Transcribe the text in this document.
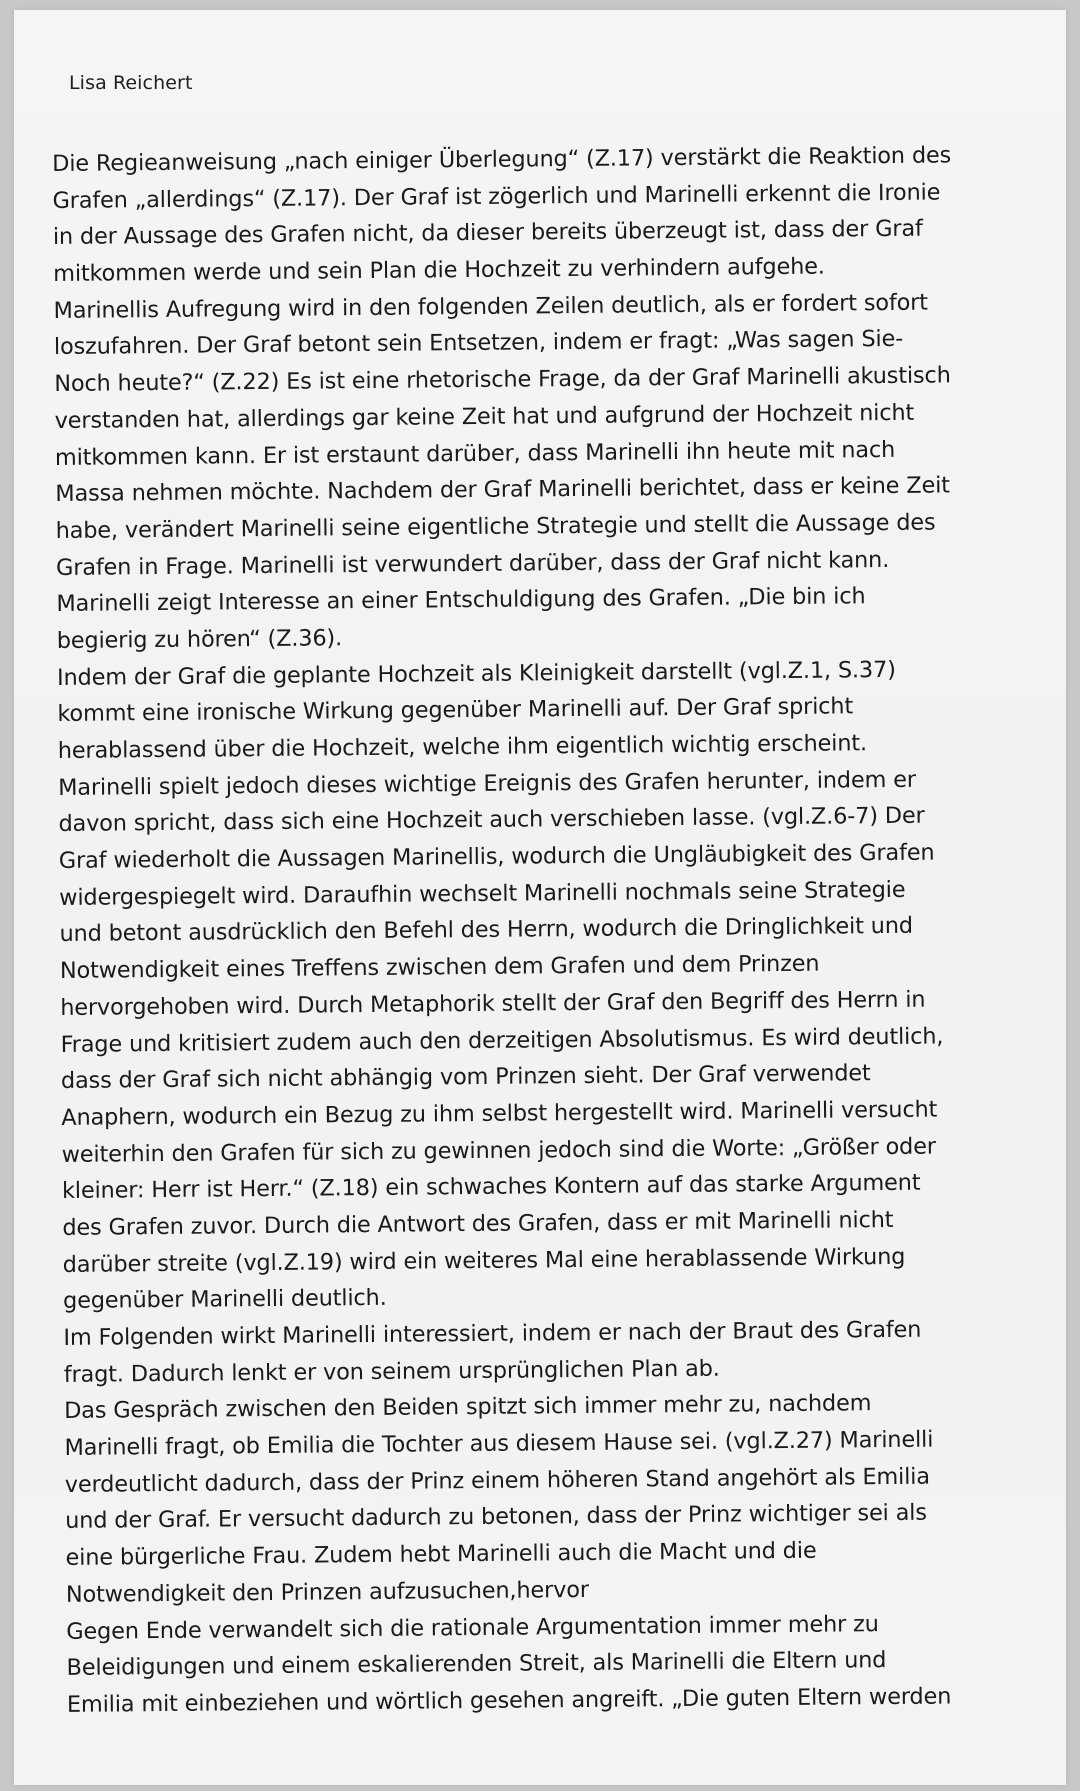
Lisa Reichert
Die Regieanweisung „nach einiger Überlegung“ (Z.17) verstärkt die Reaktion des
Grafen „allerdings“ (Z.17). Der Graf ist zögerlich und Marinelli erkennt die Ironie
in der Aussage des Grafen nicht, da dieser bereits überzeugt ist, dass der Graf
mitkommen werde und sein Plan die Hochzeit zu verhindern aufgehe.
Marinellis Aufregung wird in den folgenden Zeilen deutlich, als er fordert sofort
loszufahren. Der Graf betont sein Entsetzen, indem er fragt: „Was sagen Sie-
Noch heute?“ (Z.22) Es ist eine rhetorische Frage, da der Graf Marinelli akustisch
verstanden hat, allerdings gar keine Zeit hat und aufgrund der Hochzeit nicht
mitkommen kann. Er ist erstaunt darüber, dass Marinelli ihn heute mit nach
Massa nehmen möchte. Nachdem der Graf Marinelli berichtet, dass er keine Zeit
habe, verändert Marinelli seine eigentliche Strategie und stellt die Aussage des
Grafen in Frage. Marinelli ist verwundert darüber, dass der Graf nicht kann.
Marinelli zeigt Interesse an einer Entschuldigung des Grafen. „Die bin ich
begierig zu hören“ (Z.36).
Indem der Graf die geplante Hochzeit als Kleinigkeit darstellt (vgl.Z.1, S.37)
kommt eine ironische Wirkung gegenüber Marinelli auf. Der Graf spricht
herablassend über die Hochzeit, welche ihm eigentlich wichtig erscheint.
Marinelli spielt jedoch dieses wichtige Ereignis des Grafen herunter, indem er
davon spricht, dass sich eine Hochzeit auch verschieben lasse. (vgl.Z.6-7) Der
Graf wiederholt die Aussagen Marinellis, wodurch die Ungläubigkeit des Grafen
widergespiegelt wird. Daraufhin wechselt Marinelli nochmals seine Strategie
und betont ausdrücklich den Befehl des Herrn, wodurch die Dringlichkeit und
Notwendigkeit eines Treffens zwischen dem Grafen und dem Prinzen
hervorgehoben wird. Durch Metaphorik stellt der Graf den Begriff des Herrn in
Frage und kritisiert zudem auch den derzeitigen Absolutismus. Es wird deutlich,
dass der Graf sich nicht abhängig vom Prinzen sieht. Der Graf verwendet
Anaphern, wodurch ein Bezug zu ihm selbst hergestellt wird. Marinelli versucht
weiterhin den Grafen für sich zu gewinnen jedoch sind die Worte: „Größer oder
kleiner: Herr ist Herr.“ (Z.18) ein schwaches Kontern auf das starke Argument
des Grafen zuvor. Durch die Antwort des Grafen, dass er mit Marinelli nicht
darüber streite (vgl.Z.19) wird ein weiteres Mal eine herablassende Wirkung
gegenüber Marinelli deutlich.
Im Folgenden wirkt Marinelli interessiert, indem er nach der Braut des Grafen
fragt. Dadurch lenkt er von seinem ursprünglichen Plan ab.
Das Gespräch zwischen den Beiden spitzt sich immer mehr zu, nachdem
Marinelli fragt, ob Emilia die Tochter aus diesem Hause sei. (vgl.Z.27) Marinelli
verdeutlicht dadurch, dass der Prinz einem höheren Stand angehört als Emilia
und der Graf. Er versucht dadurch zu betonen, dass der Prinz wichtiger sei als
eine bürgerliche Frau. Zudem hebt Marinelli auch die Macht und die
Notwendigkeit den Prinzen aufzusuchen,hervor
Gegen Ende verwandelt sich die rationale Argumentation immer mehr zu
Beleidigungen und einem eskalierenden Streit, als Marinelli die Eltern und
Emilia mit einbeziehen und wörtlich gesehen angreift. „Die guten Eltern werden
